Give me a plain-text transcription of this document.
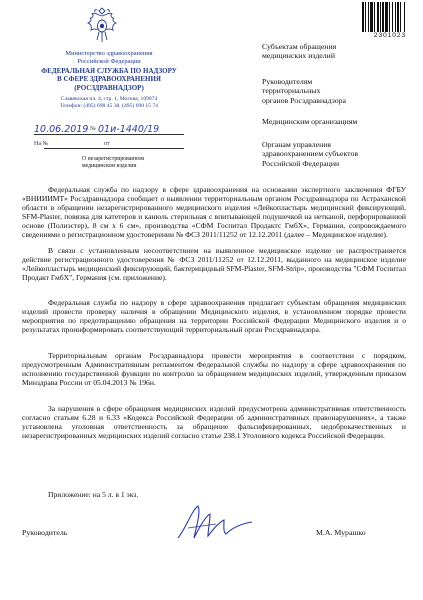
2301023
Министерство здравоохранения
Российской Федерации
ФЕДЕРАЛЬНАЯ СЛУЖБА ПО НАДЗОРУ
В СФЕРЕ ЗДРАВООХРАНЕНИЯ
(РОСЗДРАВНАДЗОР)
Славянская пл. 4, стр. 1, Москва, 109074
Телефон: (495) 698 45 38, (495) 698 15 74
10.06.2019 № 01и-1440/19
На №	от
О незарегистрированном
медицинском изделии
Субъектам обращения
медицинских изделий
Руководителям
территориальных
органов Росздравнадзора
Медицинским организациям
Органам управления
здравоохранением субъектов
Российской Федерации

Федеральная служба по надзору в сфере здравоохранения на основании экспертного заключения ФГБУ «ВНИИИМТ» Росздравнадзора сообщает о выявлении территориальным органом Росздравнадзора по Астраханской области в обращении незарегистрированного медицинского изделия «Лейкопластырь медицинский фиксирующий, SFM-Plaster, повязка для катетеров и канюль стерильная с впитывающей подушечкой на нетканой, перфорированной основе (Полиэстер), 8 см х 6 см», производства «СФМ Госпитал Продактс ГмбХ», Германия, сопровождаемого сведениями о регистрационном удостоверении № ФСЗ 2011/11252 от 12.12.2011 (далее – Медицинское изделие).

В связи с установленным несоответствием на выявленное медицинское изделие не распространяется действие регистрационного удостоверения № ФСЗ 2011/11252 от 12.12.2011, выданного на медицинское изделие «Лейкопластырь медицинский фиксирующий, бактерицидный SFM-Plaster, SFM-Strip», производства "СФМ Госпитал Продакт ГмбХ", Германия (см. приложение).

Федеральная служба по надзору в сфере здравоохранения предлагает субъектам обращения медицинских изделий провести проверку наличия в обращении Медицинского изделия, в установленном порядке провести мероприятия по предотвращению обращения на территории Российской Федерации Медицинского изделия и о результатах проинформировать соответствующий территориальный орган Росздравнадзора.

Территориальным органам Росздравнадзора провести мероприятия в соответствии с порядком, предусмотренным Административным регламентом Федеральной службы по надзору в сфере здравоохранения по исполнению государственной функции по контролю за обращением медицинских изделий, утвержденным приказом Минздрава России от 05.04.2013 № 196н.

За нарушения в сфере обращения медицинских изделий предусмотрена административная ответственность согласно статьям 6.28 и 6.33 «Кодекса Российской Федерации об административных правонарушениях», а также установлена уголовная ответственность за обращение фальсифицированных, недоброкачественных и незарегистрированных медицинских изделий согласно статье 238.1 Уголовного кодекса Российской Федерации.

Приложение: на 5 л. в 1 экз.
Руководитель	М.А. Мурашко
